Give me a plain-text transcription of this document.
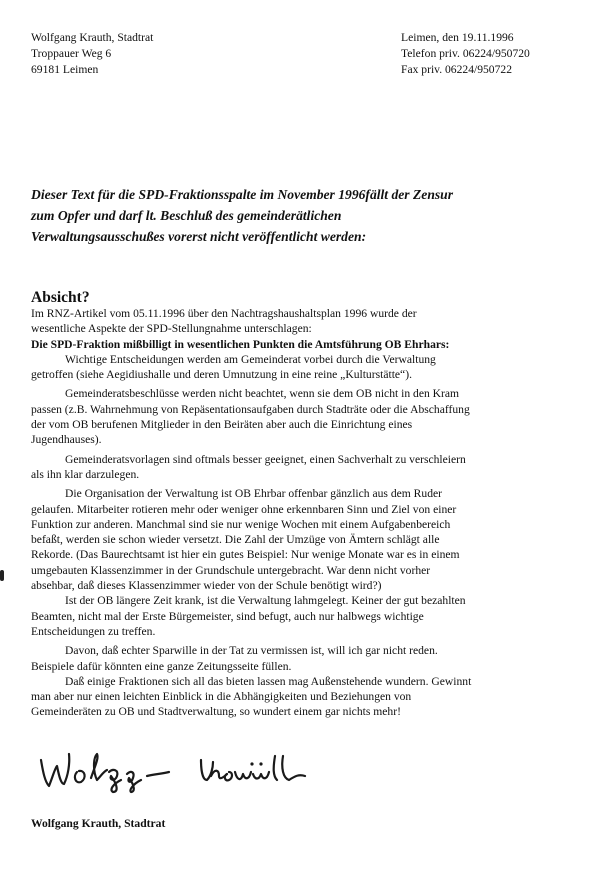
Wolfgang Krauth, Stadtrat
Troppauer Weg 6
69181 Leimen
Leimen, den 19.11.1996
Telefon priv. 06224/950720
Fax priv. 06224/950722
Dieser Text für die SPD-Fraktionsspalte im November 1996fällt der Zensur
zum Opfer und darf lt. Beschluß des gemeinderätlichen
Verwaltungsausschußes vorerst nicht veröffentlicht werden:
Absicht?
Im RNZ-Artikel vom 05.11.1996 über den Nachtragshaushaltsplan 1996 wurde der
wesentliche Aspekte der SPD-Stellungnahme unterschlagen:
Die SPD-Fraktion mißbilligt in wesentlichen Punkten die Amtsführung OB Ehrhars:
Wichtige Entscheidungen werden am Gemeinderat vorbei durch die Verwaltung
getroffen (siehe Aegidiushalle und deren Umnutzung in eine reine „Kulturstätte“).
Gemeinderatsbeschlüsse werden nicht beachtet, wenn sie dem OB nicht in den Kram
passen (z.B. Wahrnehmung von Repäsentationsaufgaben durch Stadträte oder die Abschaffung
der vom OB berufenen Mitglieder in den Beiräten aber auch die Einrichtung eines
Jugendhauses).
Gemeinderatsvorlagen sind oftmals besser geeignet, einen Sachverhalt zu verschleiern
als ihn klar darzulegen.
Die Organisation der Verwaltung ist OB Ehrbar offenbar gänzlich aus dem Ruder
gelaufen. Mitarbeiter rotieren mehr oder weniger ohne erkennbaren Sinn und Ziel von einer
Funktion zur anderen. Manchmal sind sie nur wenige Wochen mit einem Aufgabenbereich
befaßt, werden sie schon wieder versetzt. Die Zahl der Umzüge von Ämtern schlägt alle
Rekorde. (Das Baurechtsamt ist hier ein gutes Beispiel: Nur wenige Monate war es in einem
umgebauten Klassenzimmer in der Grundschule untergebracht. War denn nicht vorher
absehbar, daß dieses Klassenzimmer wieder von der Schule benötigt wird?)
Ist der OB längere Zeit krank, ist die Verwaltung lahmgelegt. Keiner der gut bezahlten
Beamten, nicht mal der Erste Bürgemeister, sind befugt, auch nur halbwegs wichtige
Entscheidungen zu treffen.
Davon, daß echter Sparwille in der Tat zu vermissen ist, will ich gar nicht reden.
Beispiele dafür könnten eine ganze Zeitungsseite füllen.
Daß einige Fraktionen sich all das bieten lassen mag Außenstehende wundern. Gewinnt
man aber nur einen leichten Einblick in die Abhängigkeiten und Beziehungen von
Gemeinderäten zu OB und Stadtverwaltung, so wundert einem gar nichts mehr!
Wolfgang Krauth, Stadtrat
